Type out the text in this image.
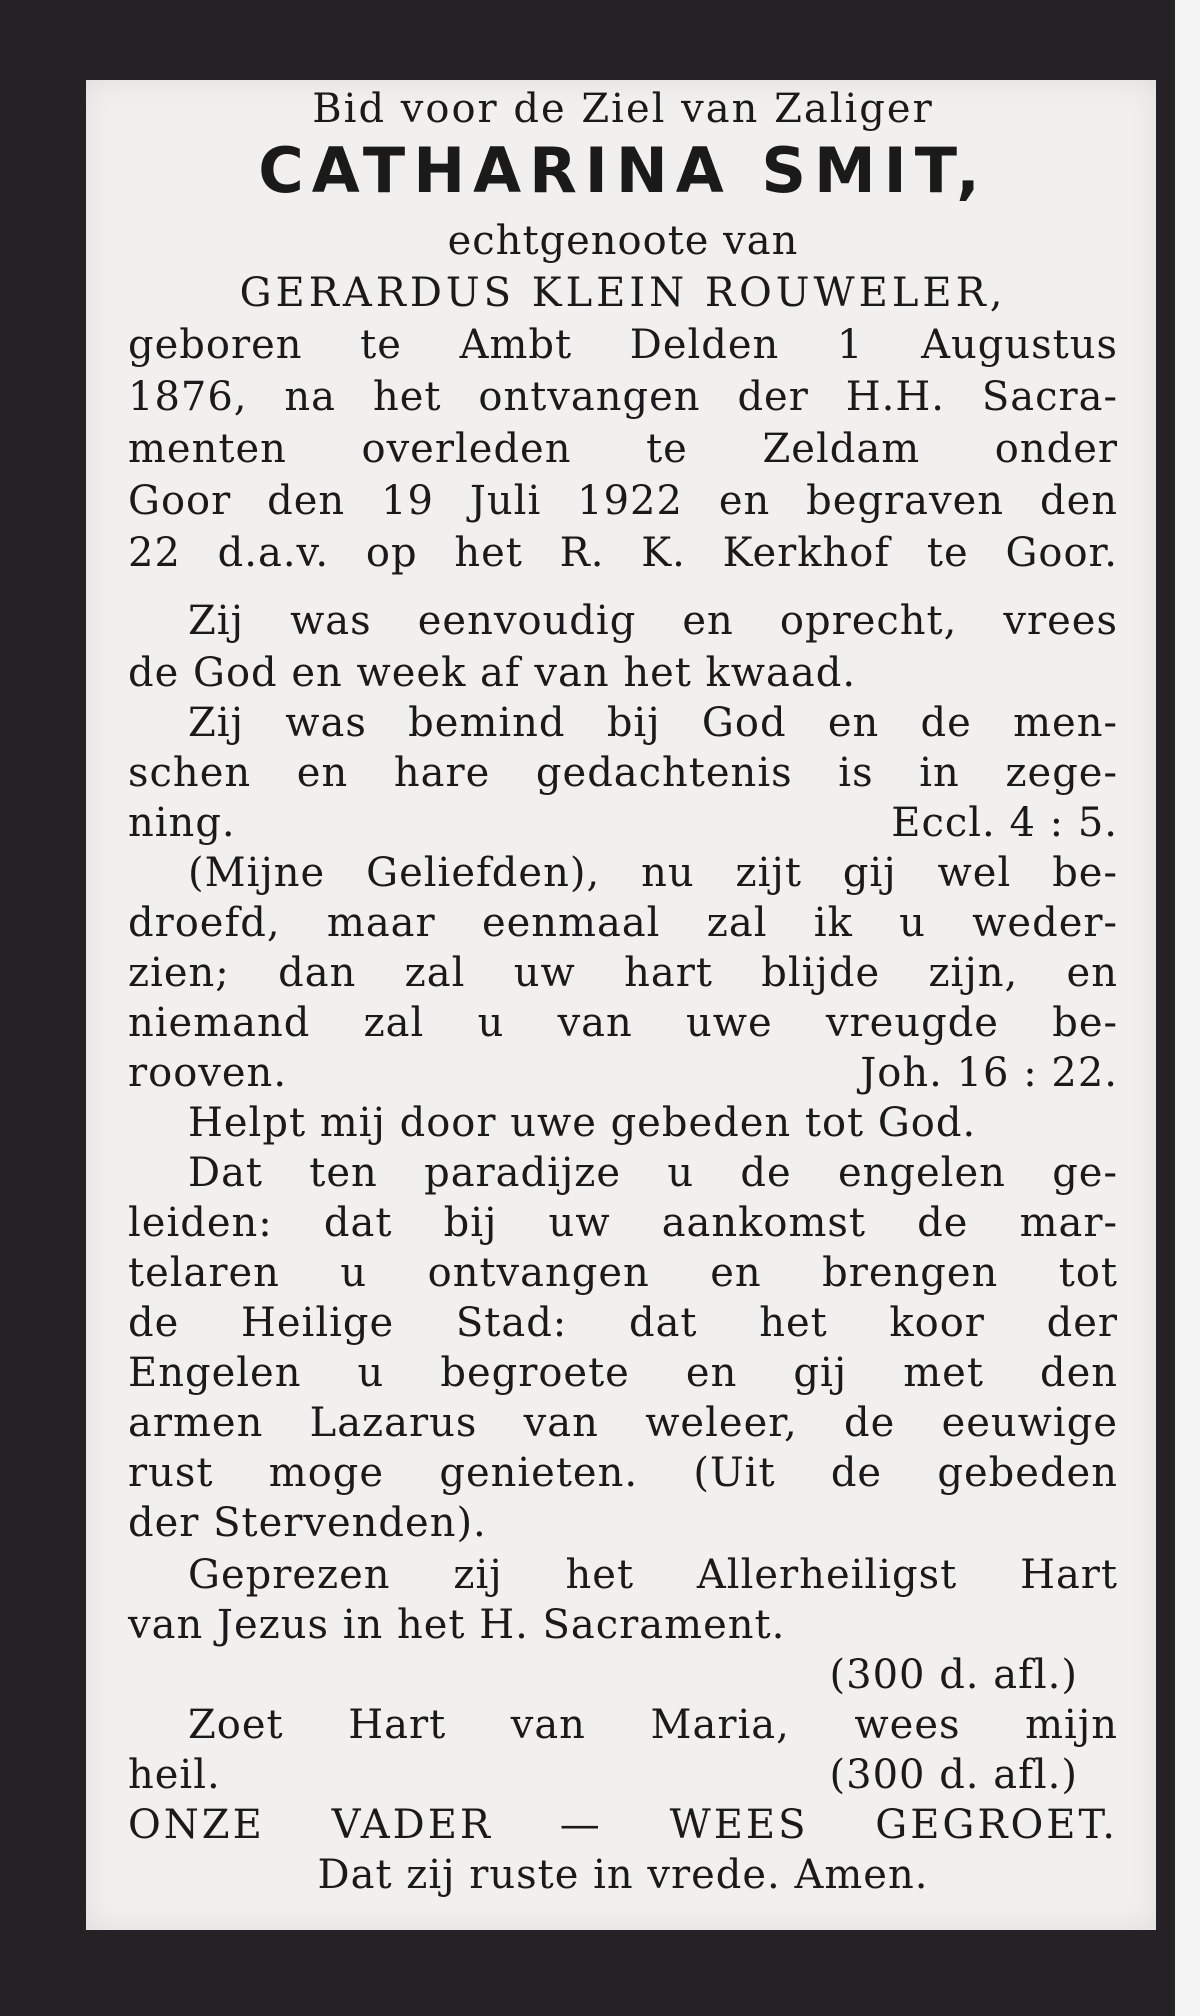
Bid voor de Ziel van Zaliger
CATHARINA SMIT,
echtgenoote van
GERARDUS KLEIN ROUWELER,
geboren te Ambt Delden 1 Augustus
1876, na het ontvangen der H.H. Sacra-
menten overleden te Zeldam onder
Goor den 19 Juli 1922 en begraven den
22 d.a.v. op het R. K. Kerkhof te Goor.
Zij was eenvoudig en oprecht, vrees
de God en week af van het kwaad.
Zij was bemind bij God en de men-
schen en hare gedachtenis is in zege-
ning.	Eccl. 4 : 5.
(Mijne Geliefden), nu zijt gij wel be-
droefd, maar eenmaal zal ik u weder-
zien; dan zal uw hart blijde zijn, en
niemand zal u van uwe vreugde be-
rooven.	Joh. 16 : 22.
Helpt mij door uwe gebeden tot God.
Dat ten paradijze u de engelen ge-
leiden: dat bij uw aankomst de mar-
telaren u ontvangen en brengen tot
de Heilige Stad: dat het koor der
Engelen u begroete en gij met den
armen Lazarus van weleer, de eeuwige
rust moge genieten. (Uit de gebeden
der Stervenden).
Geprezen zij het Allerheiligst Hart
van Jezus in het H. Sacrament.
(300 d. afl.)
Zoet Hart van Maria, wees mijn
heil.	(300 d. afl.)
ONZE VADER — WEES GEGROET.
Dat zij ruste in vrede. Amen.
